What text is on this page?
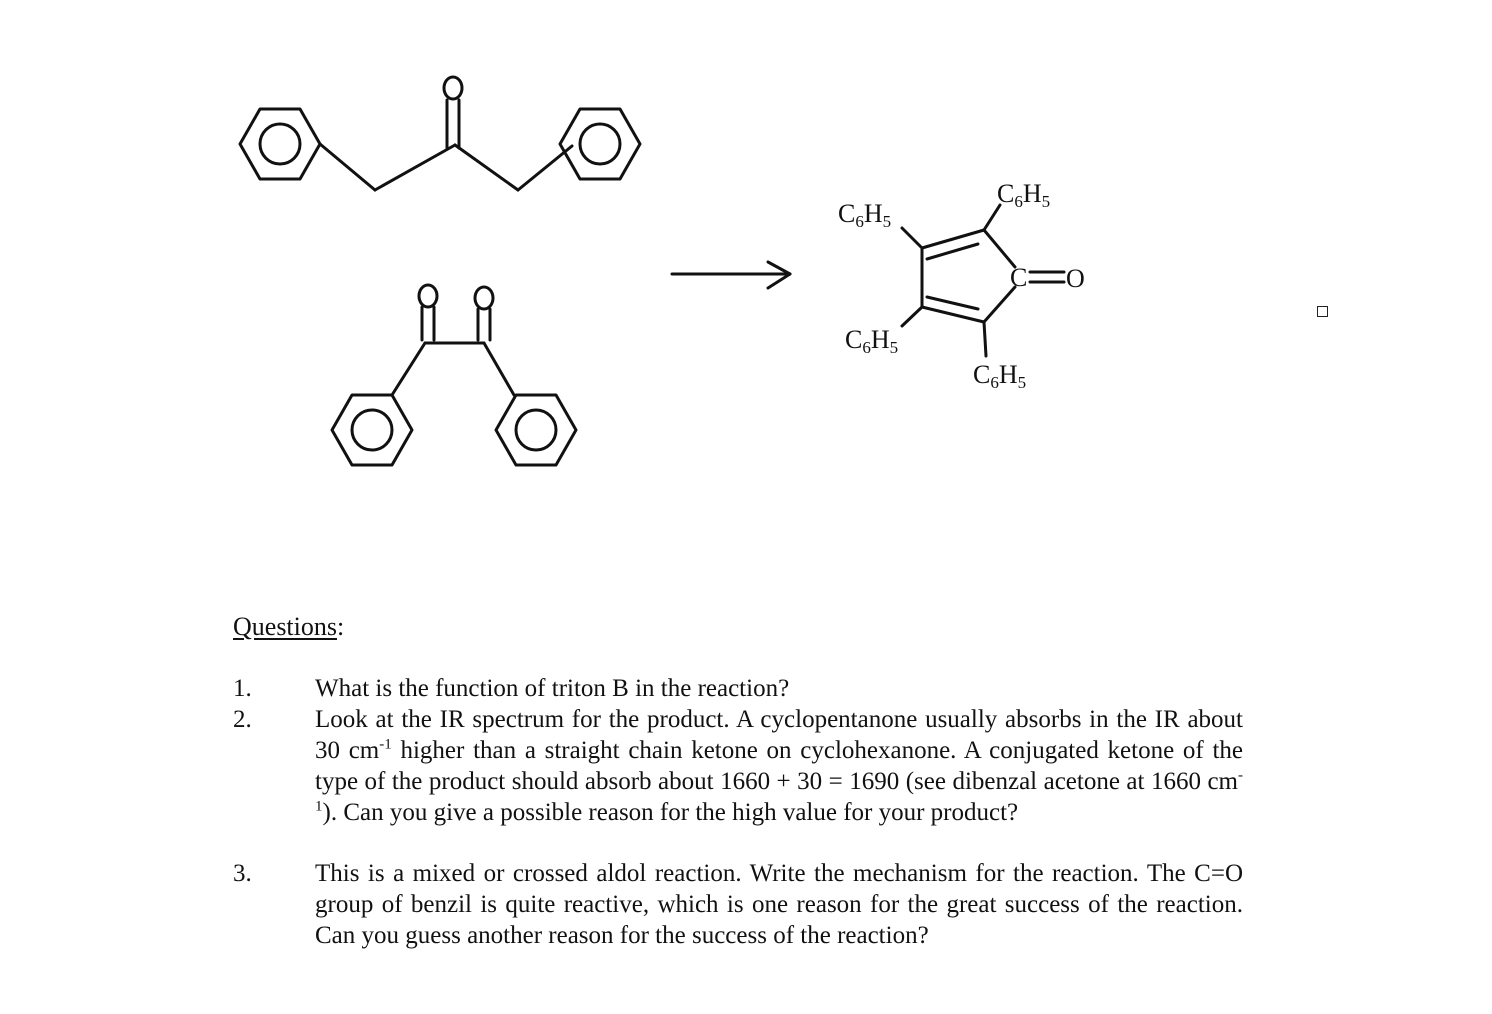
C6H5
C6H5
C6H5
C6H5
C O
Questions:
1.	What is the function of triton B in the reaction?
2.	Look at the IR spectrum for the product. A cyclopentanone usually absorbs in the IR about 30 $cm^{-1}$ higher than a straight chain ketone on cyclohexanone. A conjugated ketone of the type of the product should absorb about 1660 + 30 = 1690 (see dibenzal acetone at 1660 $cm^{-1}$). Can you give a possible reason for the high value for your product?
3.	This is a mixed or crossed aldol reaction. Write the mechanism for the reaction. The C=O group of benzil is quite reactive, which is one reason for the great success of the reaction. Can you guess another reason for the success of the reaction?
